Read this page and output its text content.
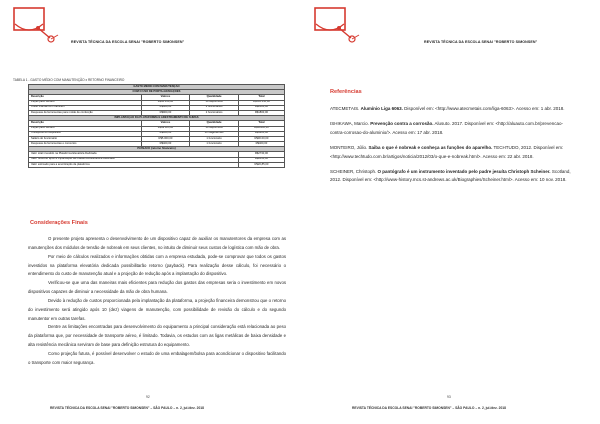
REVISTA TÉCNICA DA ESCOLA SENAI "ROBERTO SIMONSEN"
TABELA 1 - GASTO MÉDIO COM MANUTENÇÃO x RETORNO FINANCEIRO
GASTO MÉDIO COM MANUTENÇÃO			
COM O USO DE PORTA-GRAVAÇÕES			
Descrição	Valores	Quantidade	Total
Peças para Vidrano	R$56.450,00	10 disponíveis	R$564.150,00
Custo manual com transferir	R$600,00	2 funcionários	R$2000,00
Despesas de ferramentas para molde de confecção	R$900,00	2 funcionários	R$1800,00
IMPLANTAÇÃO DA PLATAFORMA E ADESTRAMENTO DE SUMAS			
Descrição	Valores	Quantidade	Total
Peças para Vidrano	R$49.325,00	10 disponíveis	R$49330,00
Transporte do dispositivo	R$320,00	10 viagens/mês	R$3200,00
Salário do funcionário	R$5.000,00	1 funcionário	R$30.00,00
Despesas de ferramentas e concertos	R$400,00	1 funcionário	R$400,00
PAYBACK (retorno financeiro)			
Valor total investido na Plataforma Elevatória Dedicada			R$2730,00
Valor reduzido após a implantação da Plataforma Elevatória Dedicada			R$8050,00
Valor estimado para a amortização da plataforma			R$20,85,00
Considerações Finais

O presente projeto apresenta o desenvolvimento de um dispositivo capaz de auxiliar os manutentores da empresa com as manutenções dos módulos de tensão de nobreak em seus clientes, no intuito de diminuir seus custos de logística com mão de obra.

Por meio de cálculos realizados e informações obtidas com a empresa estudada, pode-se comprovar que todos os gastos investidos na plataforma elevatória dedicada possibilitarão retorno (payback). Para realização desse cálculo, foi necessário o entendimento do custo de manutenção atual e a projeção de redução após a implantação do dispositivo.

Verificou-se que uma das maneiras mais eficientes para redução dos gastos das empresas seria o investimento em novos dispositivos capazes de diminuir a necessidade da mão de obra humana.

Devido à redução de custos proporcionada pela implantação da plataforma, a projeção financeira demonstrou que o retorno do investimento será atingido após 10 (dez) viagens de manutenção, com possibilidade de revisão do cálculo e do segundo manutentor em outras tarefas.

Dentre as limitações encontradas para desenvolvimento do equipamento a principal consideração está relacionada ao peso da plataforma que, por necessidade de transporte aéreo, é limitado. Todavia, os estudos com as ligas metálicas de baixa densidade e alta resistência mecânica serviram de base para definição estrutura do equipamento.

Como projeção futura, é possível desenvolver o estudo de uma embalagem/bolsa para acondicionar o dispositivo facilitando o transporte com maior segurança.

92
REVISTA TÉCNICA DA ESCOLA SENAI "ROBERTO SIMONSEN" – SÃO PAULO – n. 2, jul./dez. 2018
REVISTA TÉCNICA DA ESCOLA SENAI "ROBERTO SIMONSEN"
Referências
93
REVISTA TÉCNICA DA ESCOLA SENAI "ROBERTO SIMONSEN" – SÃO PAULO – n. 2, jul./dez. 2018

ATECMETAIS. Alumínio Liga 6063. Disponível em: <http://www.atecmetais.com/liga-6063>. Acesso em: 1 abr. 2018.

ISHIKAWA, Marcio. Prevenção contra a corrosão. Alusuto. 2017. Disponível em: <http://aluauto.com.br/prevencao-contra-corrosao-do-aluminio/>. Acesso em: 17 abr. 2018.

MONTEIRO, Júlio. Saiba o que é nobreak e conheça as funções do aparelho. TECHTUDO, 2012. Disponível em:<http://www.techtudo.com.br/artigos/noticia/2012/03/o-que-e-nobreak.html>. Acesso em: 22 abr. 2018.

SCHEINER, Christoph. O pantógrafo é um instrumento inventado pelo padre jesuíta Christoph Scheiner. Scotland, 2012. Disponível em: <http://www-history.mcs.st-andrews.ac.uk/Biographies/Scheiner.html>. Acesso em: 10 nov. 2018.
